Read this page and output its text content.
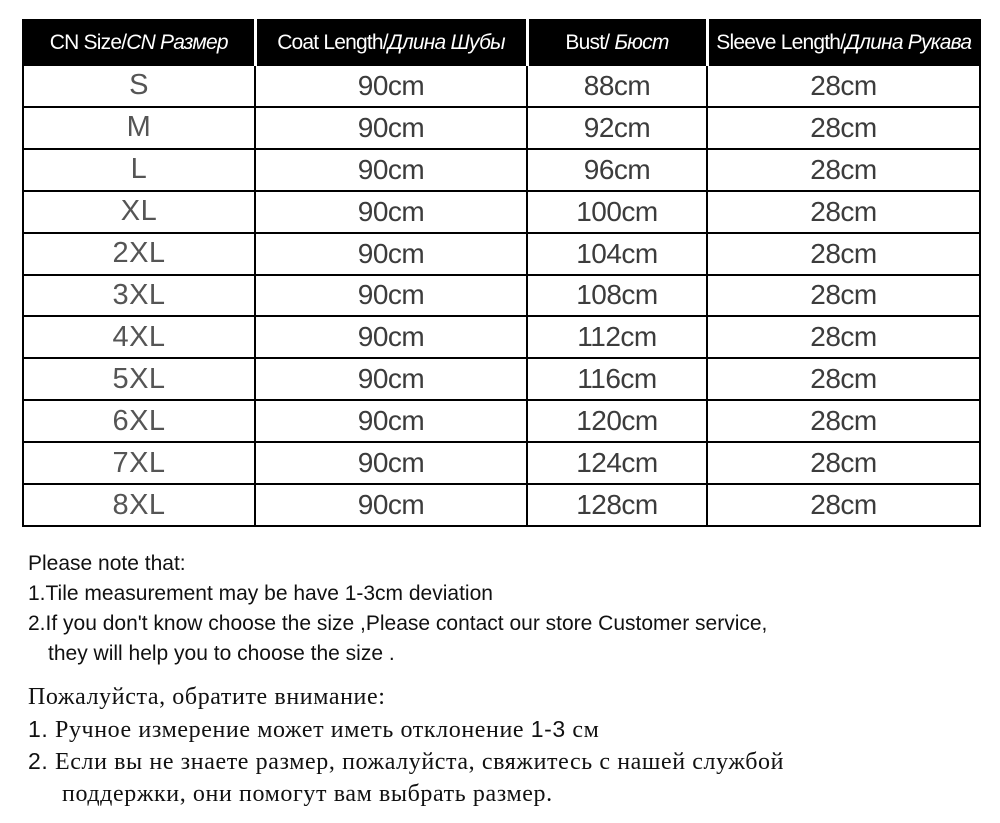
CN Size/CN Размер	Coat Length/Длина Шубы	Bust/ Бюст	Sleeve Length/Длина Рукава
S	90cm	88cm	28cm
M	90cm	92cm	28cm
L	90cm	96cm	28cm
XL	90cm	100cm	28cm
2XL	90cm	104cm	28cm
3XL	90cm	108cm	28cm
4XL	90cm	112cm	28cm
5XL	90cm	116cm	28cm
6XL	90cm	120cm	28cm
7XL	90cm	124cm	28cm
8XL	90cm	128cm	28cm
Please note that:
1.Tile measurement may be have 1-3cm deviation
2.If you don't know choose the size ,Please contact our store Customer service,
they will help you to choose the size .
Пожалуйста, обратите внимание:
1. Ручное измерение может иметь отклонение 1-3 см
2. Если вы не знаете размер, пожалуйста, свяжитесь с нашей службой
поддержки, они помогут вам выбрать размер.
